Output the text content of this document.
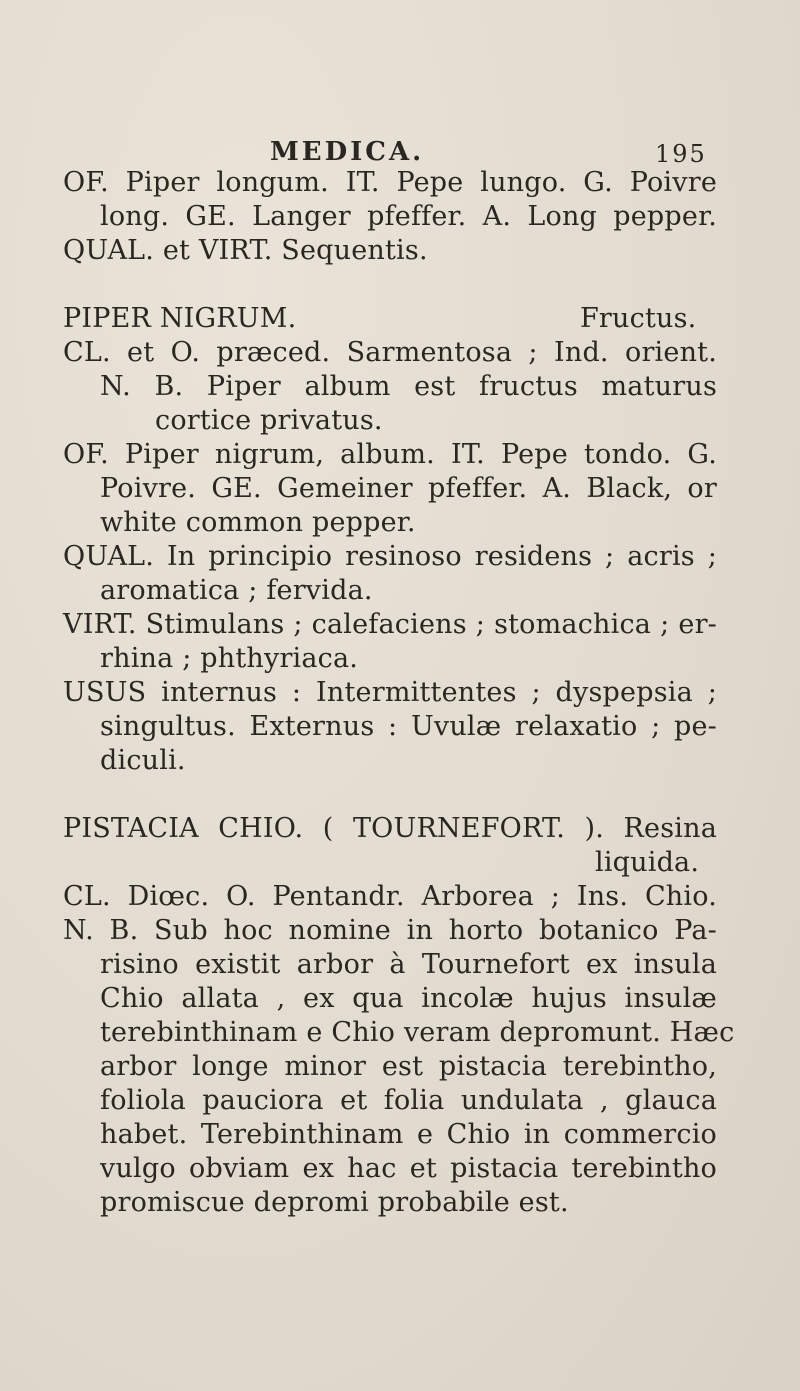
MEDICA.	195
OF. Piper longum. IT. Pepe lungo. G. Poivre
long. GE. Langer pfeffer. A. Long pepper.
QUAL. et VIRT. Sequentis.
PIPER NIGRUM.	Fructus.
CL. et O. præced. Sarmentosa ; Ind. orient.
N. B. Piper album est fructus maturus
cortice privatus.
OF. Piper nigrum, album. IT. Pepe tondo. G.
Poivre. GE. Gemeiner pfeffer. A. Black, or
white common pepper.
QUAL. In principio resinoso residens ; acris ;
aromatica ; fervida.
VIRT. Stimulans ; calefaciens ; stomachica ; er-
rhina ; phthyriaca.
USUS internus : Intermittentes ; dyspepsia ;
singultus. Externus : Uvulæ relaxatio ; pe-
diculi.
PISTACIA CHIO. ( TOURNEFORT. ). Resina
liquida.
CL. Diœc. O. Pentandr. Arborea ; Ins. Chio.
N. B. Sub hoc nomine in horto botanico Pa-
risino existit arbor à Tournefort ex insula
Chio allata , ex qua incolæ hujus insulæ
terebinthinam e Chio veram depromunt. Hæc
arbor longe minor est pistacia terebintho,
foliola pauciora et folia undulata , glauca
habet. Terebinthinam e Chio in commercio
vulgo obviam ex hac et pistacia terebintho
promiscue depromi probabile est.
